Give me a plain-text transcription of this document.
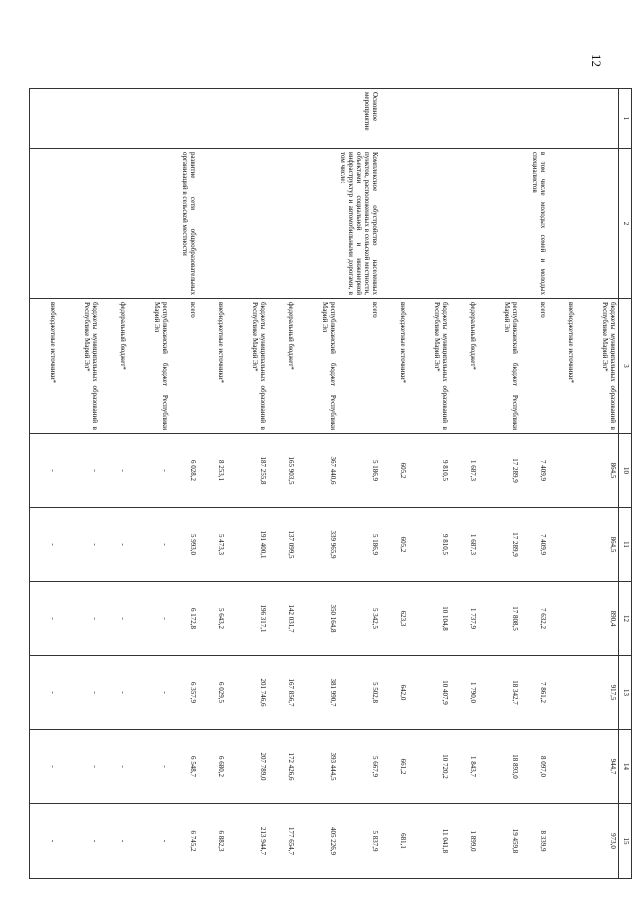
12
1	2	3	10	11	12	13	14	15
		бюджеты муниципальных образований в Республике Марий Эл*	864,5	864,5	890,4	917,5	944,7	973,0
		внебюджетные источники*						
	в том числе молодых семей и молодых специалистов	всего	7 409,9	7 409,9	7 632,2	7 861,2	8 097,0	8 339,9
		республиканский бюджет Республики Марий Эл	17 289,9	17 289,9	17 808,5	18 342,7	18 893,0	19 459,8
		федеральный бюджет*	1 687,3	1 687,3	1 737,9	1 790,0	1 843,7	1 899,0
		бюджеты муниципальных образований в Республике Марий Эл*	9 810,5	9 810,5	10 104,8	10 407,9	10 720,2	11 041,8
		внебюджетные источники*	605,2	605,2	623,3	642,0	661,2	681,1
Основное мероприятие	Комплексное обустройство населенных пунктов, расположенных в сельской местности, объектами социальной и инженерной инфраструктур и автомобильными дорогами, в том числе:	всего	5 186,9	5 186,9	5 342,5	5 502,8	5 667,9	5 837,9
		республиканский бюджет Республики Марий Эл	367 440,6	339 965,9	350 164,8	381 990,7	393 444,5	405 226,9
		федеральный бюджет*	165 903,5	137 099,5	142 031,7	167 856,7	172 426,6	177 654,7
		бюджеты муниципальных образований в Республике Марий Эл*	187 255,8	191 400,1	196 317,1	201 746,6	207 789,0	213 944,7
		внебюджетные источники*	8 253,1	5 473,3	5 643,2	6 029,5	6 680,2	6 882,3
	развитие сети общеобразовательных организаций в сельской местности	всего	6 028,2	5 993,0	6 172,8	6 357,9	6 548,7	6 745,2
		республиканский бюджет Республики Марий Эл	-	-	-	-	-	-
		федеральный бюджет*	-	-	-	-	-	-
		бюджеты муниципальных образований в Республике Марий Эл*	-	-	-	-	-	-
		внебюджетные источники*	-	-	-	-	-	-
